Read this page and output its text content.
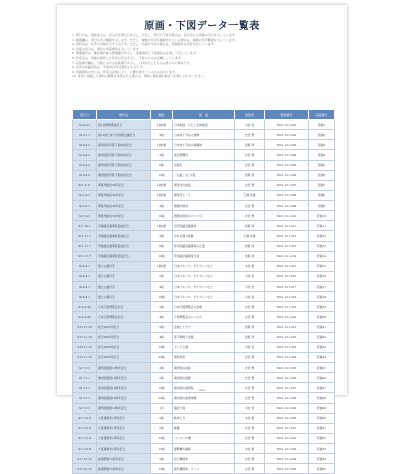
原画・下図データ一覧表
1. 発行日は、原画または、記念切手発行日を示し、ただし、発行日不詳の場合は、着目される原画の月日を示しています。
2. 額面欄は、発行切手の額面を示します。ただし、複数の切手が連刷されている場合は、連刷の切手額面を示しています。
3. 資料名は、切手の名称を示すものです。ただし、名称が不詳の場合は、原画資料の内容を記しています。
4. 所蔵の表示は、資料の所蔵場所を示しています。
5. 整理番号は、郵政資料館の整理番号を示し、原画資料と下図資料は区別して記しています。
6. 作家名は、原画を制作した作家の氏名を示し、不詳のものは空欄としています。
7. 収蔵番号欄は、当館における収蔵番号を示し、○印を付したものは展示中の資料です。
8. 本表の記載内容は、平成6年3月末現在のものです。
9. 原画資料の中には、作家の意向により、公開を控えているものがあります。
10. 本表に掲載した資料の閲覧を希望される場合は、事前に郵政資料館までお問い合わせください。
発行日	資料名	額面	図　案	図案者	整理番号	収蔵番号
S3.9.21	第1回国勢調査記念	1銭5厘	日本地図、ただし全体略図	川村 岩	5001-211-001	原画1
S10.1.1	第10回日本十字国際会議記念	3銭	日本赤十字社の建物	吉田 豊	5001-211-002	原画2
S10.4.2	満州国皇帝陛下御来訪記念	1銭5厘	日本赤十字社の看護婦	加賀 清	5001-211-003	原画3
S10.4.2	満州国皇帝陛下御来訪記念	3銭	東京駅構内	吉田 豊	5001-211-004	原画4
S10.4.2	満州国皇帝陛下御来訪記念	6銭	比叡丸	吉田 豊	5001-211-005	原画5
S10.4.2	満州国皇帝陛下御来訪記念	10銭	「比叡」など2隻	加賀 清	5001-211-006	原画6
S11.5.11	関東州始政30年記念	1銭5厘	関東州の地図	吉田 豊	5001-211-007	原画7
S11.9.1	関東州始政30年記念	1銭5厘	関東州とハト	広瀬 武雄	5001-211-008	原画8
S11.9.1	関東州始政30年記念	3銭	旅順水師営	吉田 豊	5001-211-009	原画9
S11.9.1	関東州始政30年記念	10銭	旅順水師営のロシア兵	吉田 豊	5001-211-010	原画10
S11.10.1	帝国議会議事堂落成記念	1銭5厘	旧帝国議会議事堂	加賀 清	5001-211-011	原画11
S11.11.7	帝国議会議事堂落成記念	3銭	中央玄関の装飾	広瀬 武雄	5001-211-012	原画12
S11.11.7	帝国議会議事堂落成記念	6銭	新帝国議会議事堂の正面	加賀 清	5001-211-013	原画13
S11.11.7	帝国議会議事堂落成記念	10銭	帝国議会議事堂全景	加賀 清	5001-211-014	原画14
S14.8.1	国立公園切手	1銭5厘	日本アルプス、ダケカンバなど	木村 勝	5001-211-015	原画15
S14.8.1	国立公園切手	2銭	日本アルプス、ダケカンバなど	川村 岩	5001-211-016	原画16
S14.8.1	国立公園切手	4銭	日本アルプス、ダケカンバなど	川村 岩	5001-211-017	原画17
S14.8.1	国立公園切手	10銭	日本アルプス、ダケカンバなど	川村 岩	5001-211-018	原画18
S15.4.20	日本万国博覧会記念	2銭	日本万国博覧会の会場	吉田 豊	5001-211-019	原画19
S15.4.20	日本万国博覧会記念	4銭	万国博覧会のシンボル	吉田 豊	5001-211-020	原画20
S15.11.10	紀元2600年記念	2銭	金鵄とミサワ	加賀 清	5001-211-021	原画21
S15.11.10	紀元2600年記念	4銭	高千穂峰と金鵄	加賀 清	5001-211-022	原画22
S15.11.10	紀元2600年記念	10銭	ダークと鵄	川村 岩	5001-211-023	原画23
S15.11.10	紀元2600年記念	20銭	橿原神宮	吉田 豊	5001-211-024	原画24
S17.3.1	満州国建国10周年記念	2銭	満州国の地図	吉田 豊	5001-211-025	原画25
S17.3.1	満州国建国10周年記念	5銭	満州国の国旗	吉田 豊	5001-211-026	原画26
S17.3.1	満州国建国10周年記念	10銭	満州国の国務院	吉田 豊	5001-211-027	原画27
S17.3.1	満州国建国10周年記念	20銭	満州国の建国神廟	吉田 豊	5001-211-028	原画28
S17.3.1	満州国建国10周年記念	1円	瑞雲と鳩	川村 岩	5001-211-029	原画29
S17.12.8	大東亜戦争1周年記念	2銭	戦車と兵	木村 勝	5001-211-030	原画30
S17.12.8	大東亜戦争1周年記念	5銭	戦艦	吉田 豊	5001-211-031	原画31
S17.12.8	大東亜戦争1周年記念	10銭	パトロール機	吉田 豊	5001-211-032	原画32
S17.12.8	大東亜戦争1周年記念	15銭	爆撃機の編隊	木村 勝	5001-211-033	原画33
S17.12.12	鉄道開通70周年記念	5銭	記念機関車	吉田 豊	5001-211-034	原画34
S17.12.12	鉄道開通70周年記念	10銭	電気機関車、ツバメ	吉田 豊	5001-211-035	原画35
-242-
